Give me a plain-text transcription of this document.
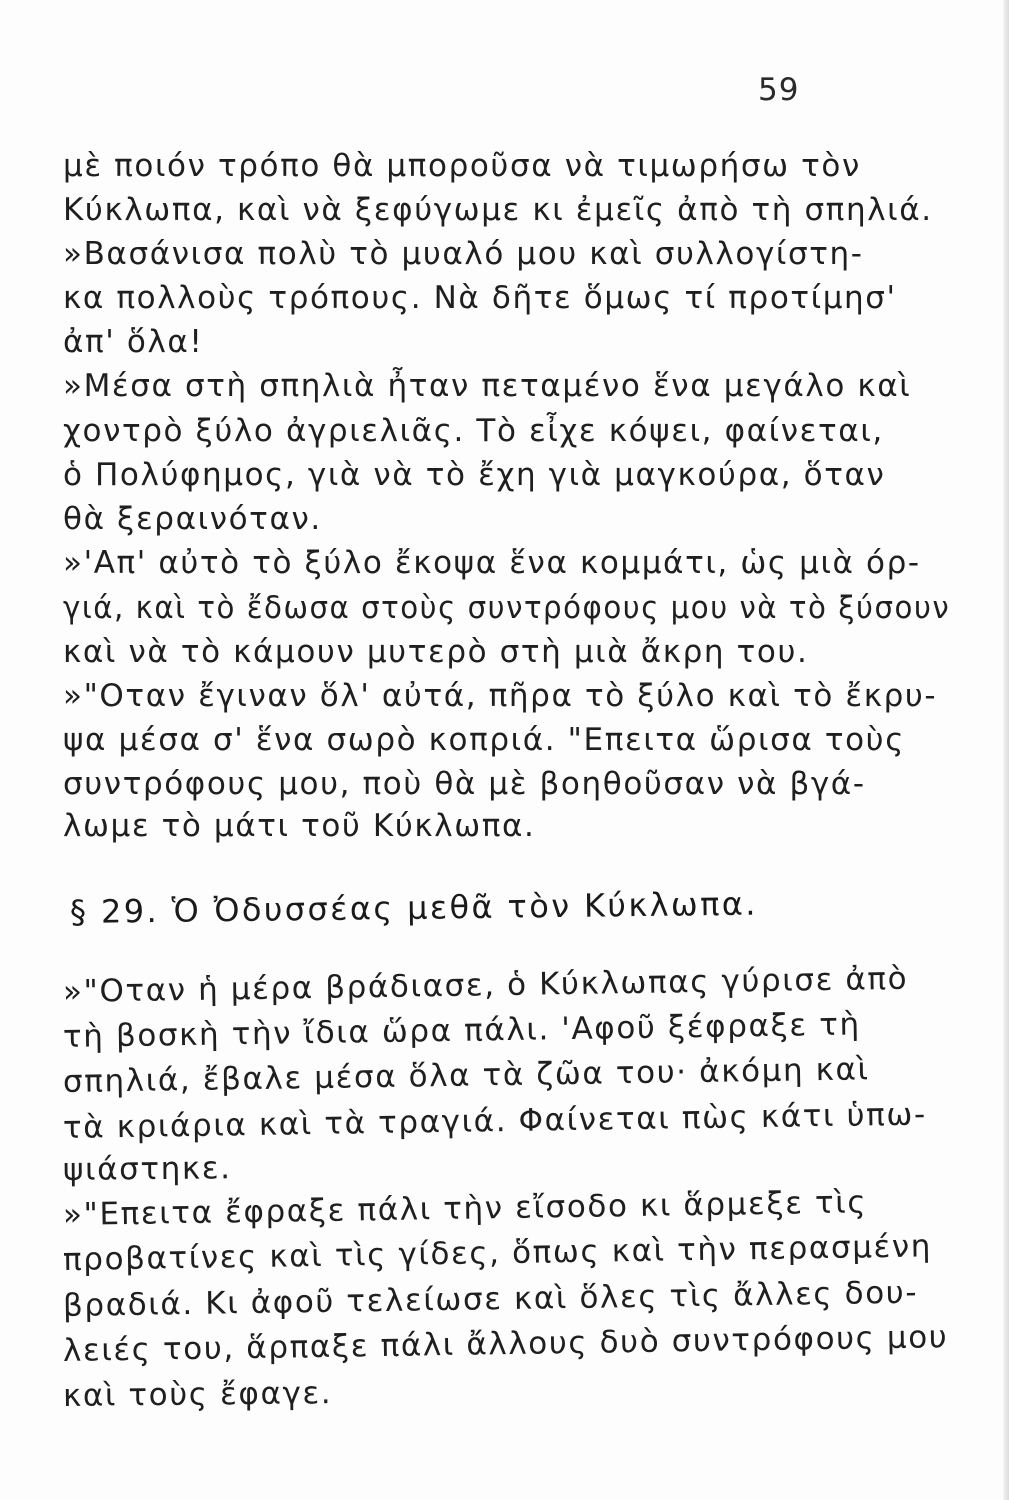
59
μὲ ποιόν τρόπο θὰ μποροῦσα νὰ τιμωρήσω τὸν
Κύκλωπα, καὶ νὰ ξεφύγωμε κι ἐμεῖς ἀπὸ τὴ σπηλιά.
»Βασάνισα πολὺ τὸ μυαλό μου καὶ συλλογίστη-
κα πολλοὺς τρόπους. Νὰ δῆτε ὅμως τί προτίμησ'
ἀπ' ὅλα!
»Μέσα στὴ σπηλιὰ ἦταν πεταμένο ἕνα μεγάλο καὶ
χοντρὸ ξύλο ἀγριελιᾶς. Τὸ εἶχε κόψει, φαίνεται,
ὁ Πολύφημος, γιὰ νὰ τὸ ἔχη γιὰ μαγκούρα, ὅταν
θὰ ξεραινόταν.
»'Απ' αὐτὸ τὸ ξύλο ἔκοψα ἕνα κομμάτι, ὡς μιὰ όρ-
γιά, καὶ τὸ ἔδωσα στοὺς συντρόφους μου νὰ τὸ ξύσουν
καὶ νὰ τὸ κάμουν μυτερὸ στὴ μιὰ ἄκρη του.
»"Οταν ἔγιναν ὅλ' αὐτά, πῆρα τὸ ξύλο καὶ τὸ ἔκρυ-
ψα μέσα σ' ἕνα σωρὸ κοπριά. "Επειτα ὥρισα τοὺς
συντρόφους μου, ποὺ θὰ μὲ βοηθοῦσαν νὰ βγά-
λωμε τὸ μάτι τοῦ Κύκλωπα.
§ 29. Ὁ Ὀδυσσέας μεθᾶ τὸν Κύκλωπα.
»"Οταν ἡ μέρα βράδιασε, ὁ Κύκλωπας γύρισε ἀπὸ
τὴ βοσκὴ τὴν ἴδια ὥρα πάλι. 'Αφοῦ ξέφραξε τὴ
σπηλιά, ἔβαλε μέσα ὅλα τὰ ζῶα του· ἀκόμη καὶ
τὰ κριάρια καὶ τὰ τραγιά. Φαίνεται πὼς κάτι ὑπω-
ψιάστηκε.
»"Επειτα ἔφραξε πάλι τὴν εἴσοδο κι ἅρμεξε τὶς
προβατίνες καὶ τὶς γίδες, ὅπως καὶ τὴν περασμένη
βραδιά. Κι ἀφοῦ τελείωσε καὶ ὅλες τὶς ἄλλες δου-
λειές του, ἅρπαξε πάλι ἄλλους δυὸ συντρόφους μου
καὶ τοὺς ἔφαγε.
